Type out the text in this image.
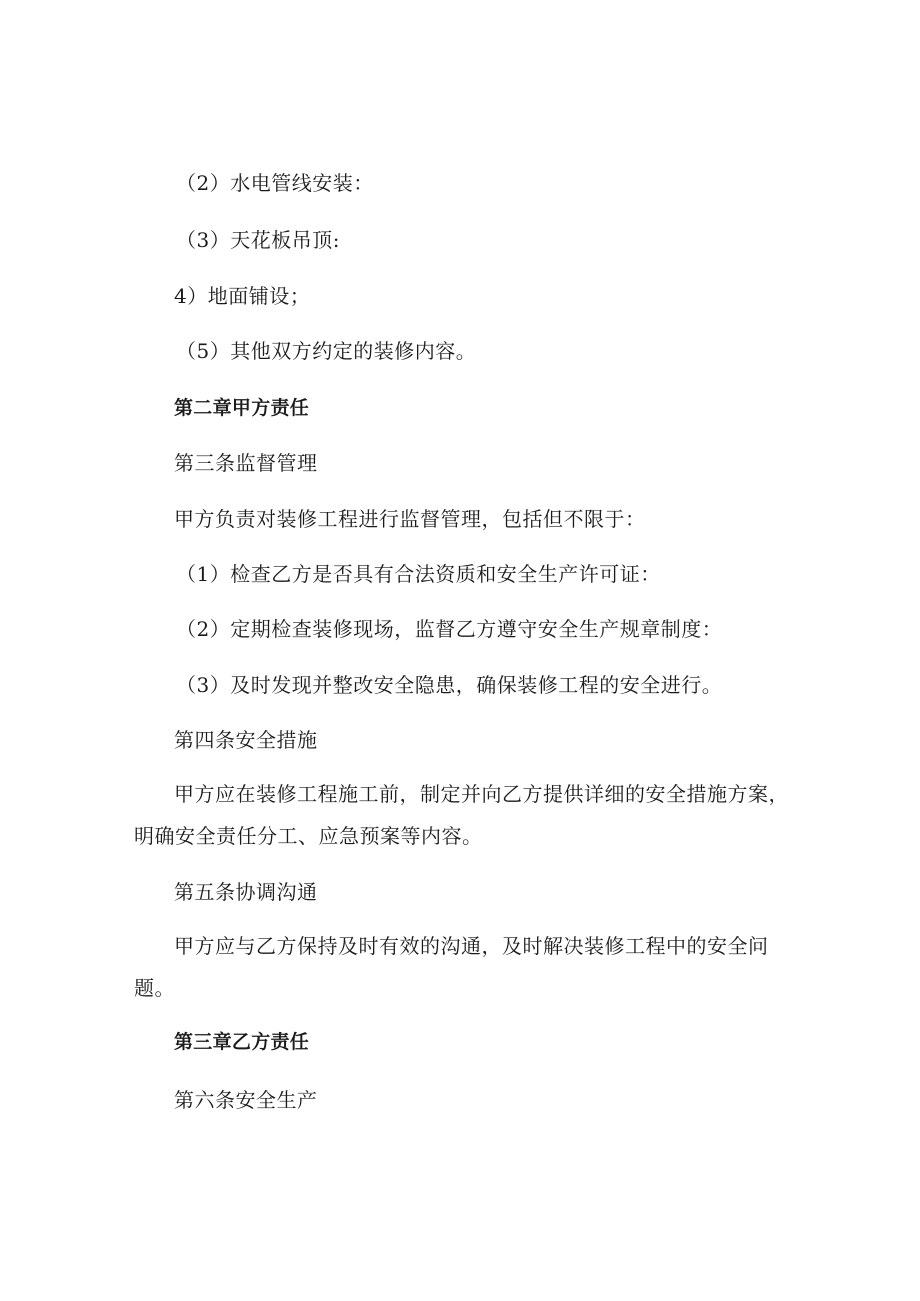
（2）水电管线安装：
（3）天花板吊顶:
4）地面铺设；
（5）其他双方约定的装修内容。
第二章甲方责任
第三条监督管理
甲方负责对装修工程进行监督管理，包括但不限于：
（1）检查乙方是否具有合法资质和安全生产许可证：
（2）定期检查装修现场，监督乙方遵守安全生产规章制度：
（3）及时发现并整改安全隐患，确保装修工程的安全进行。
第四条安全措施
甲方应在装修工程施工前，制定并向乙方提供详细的安全措施方案，
明确安全责任分工、应急预案等内容。
第五条协调沟通
甲方应与乙方保持及时有效的沟通，及时解决装修工程中的安全问
题。
第三章乙方责任
第六条安全生产
